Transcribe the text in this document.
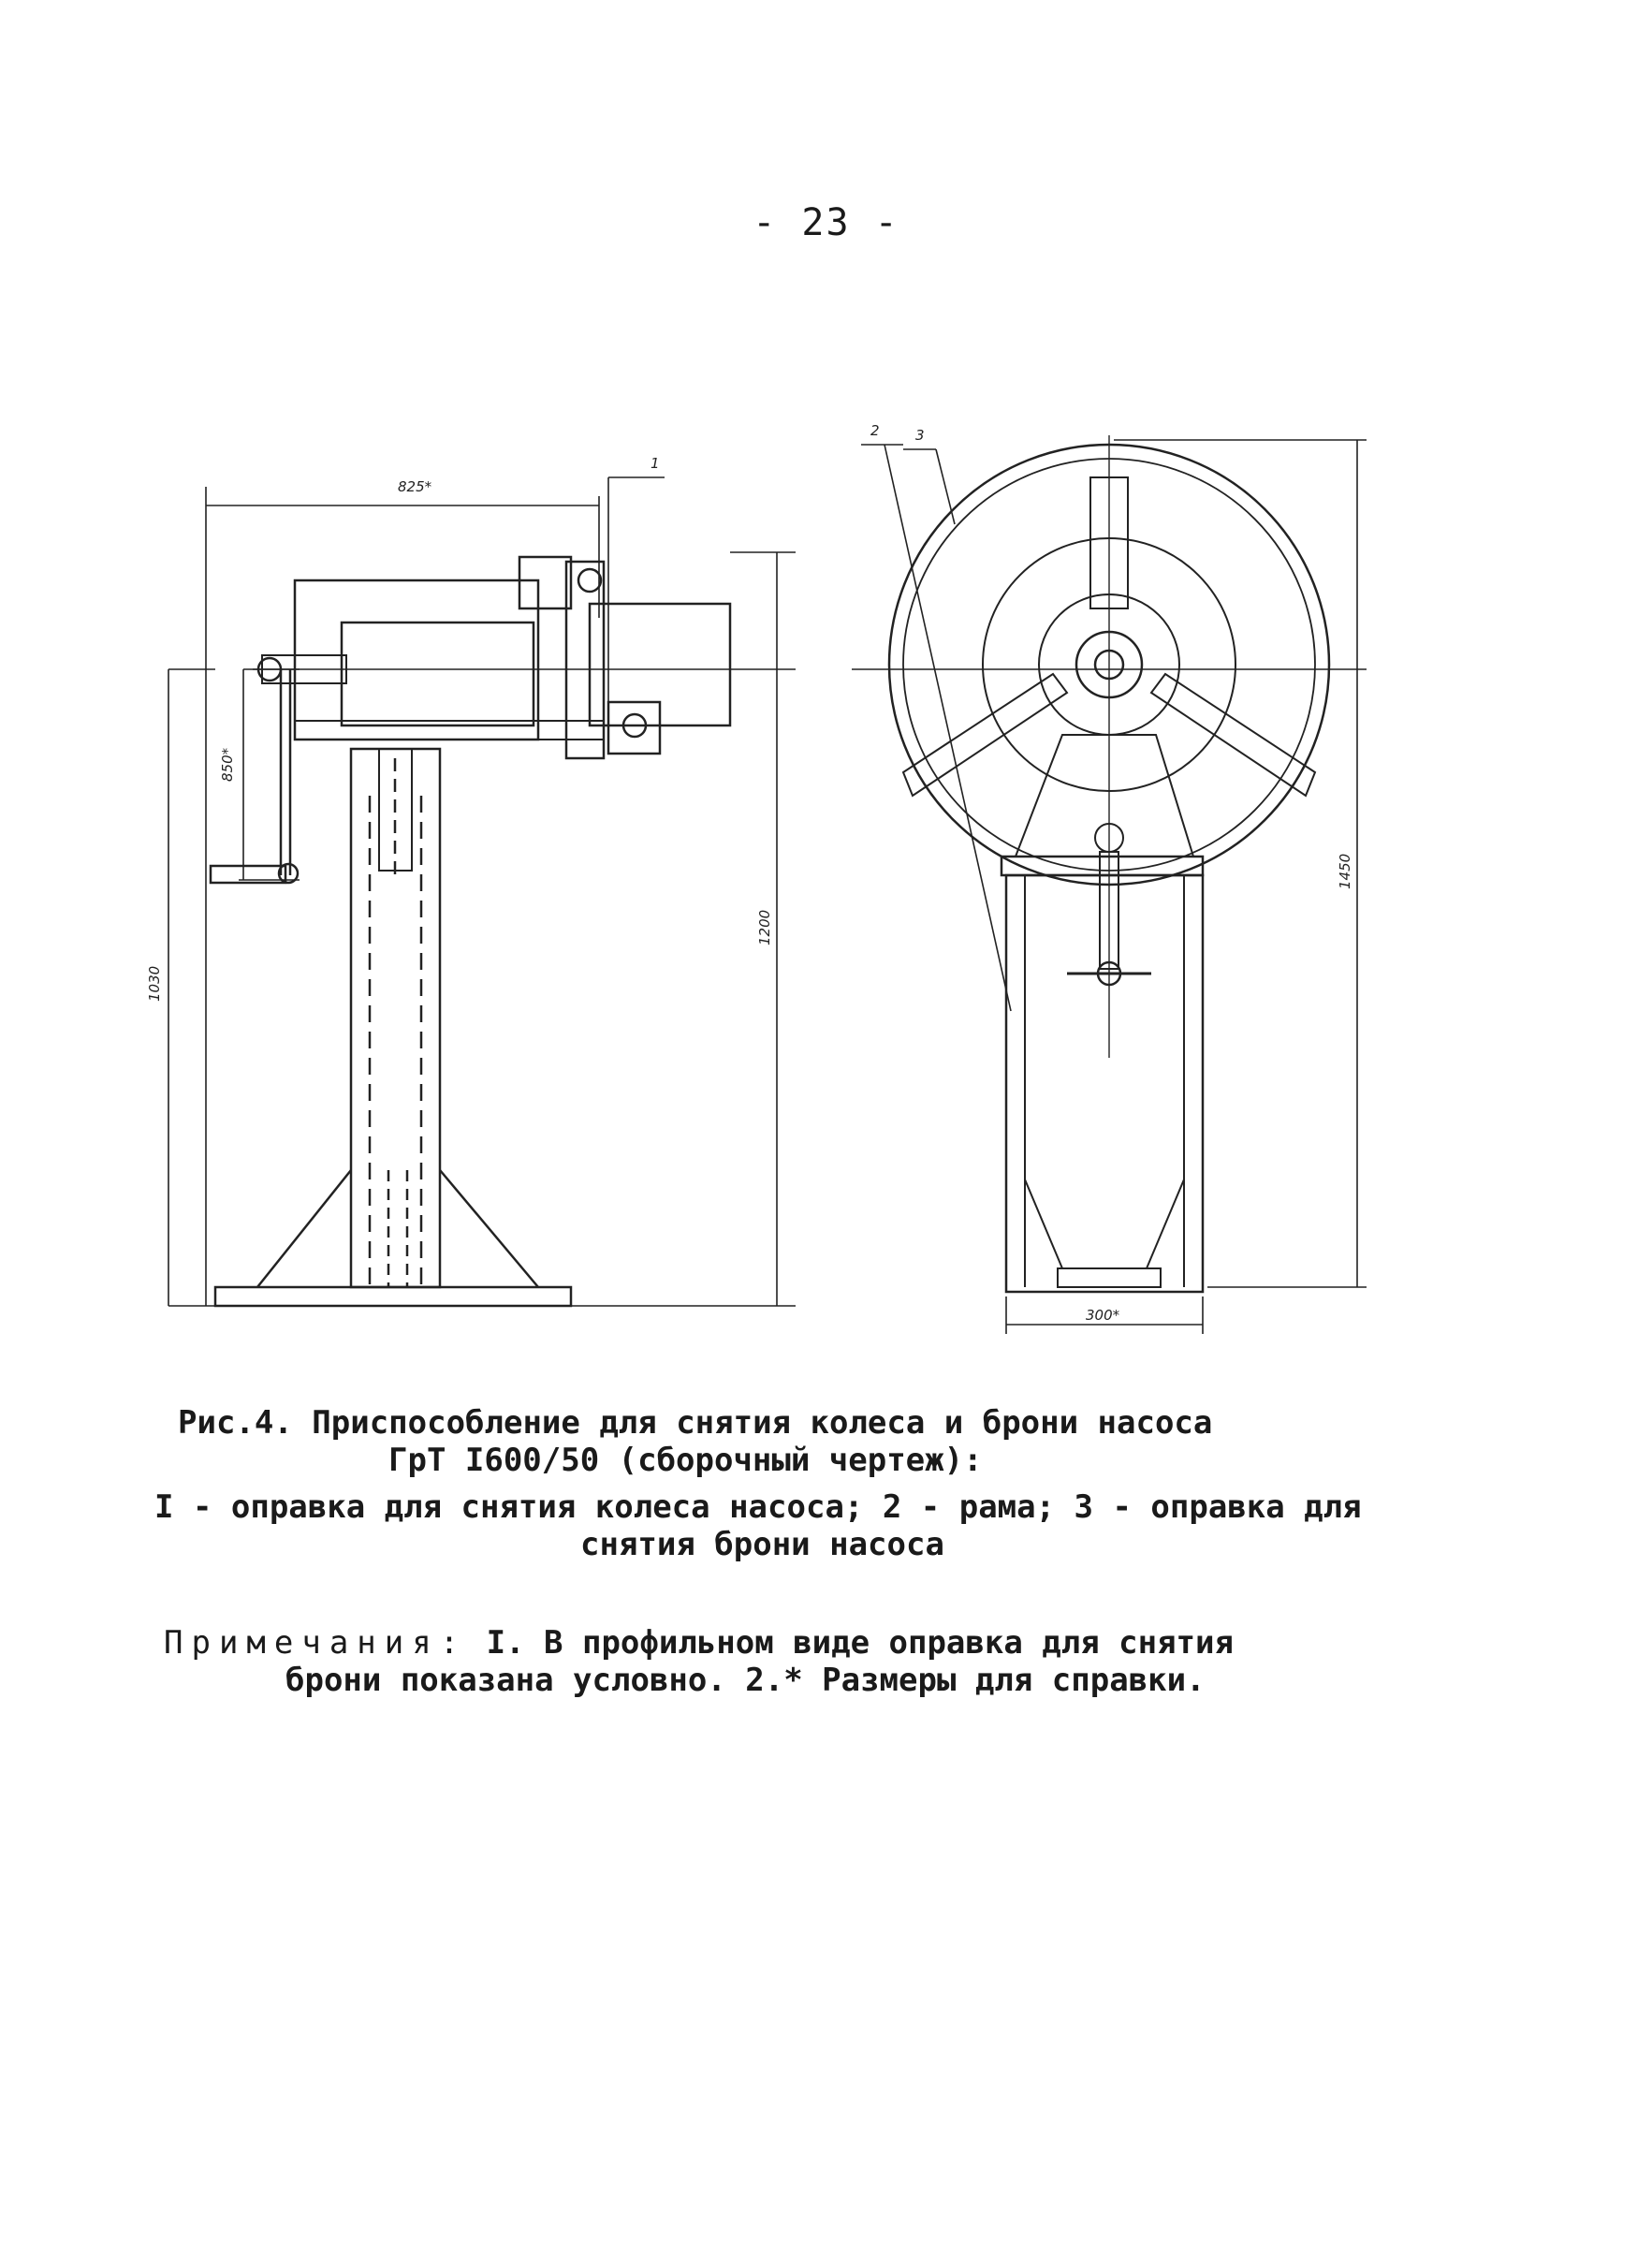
- 23 -
825*
1
850*
1030
1200
2	3
1450
300*
Рис.4. Приспособление для снятия колеса и брони насоса
ГрТ I600/50 (сборочный чертеж):
I - оправка для снятия колеса насоса; 2 - рама; 3 - оправка для
снятия брони насоса
Примечания: I. В профильном виде оправка для снятия
брони показана условно. 2.* Размеры для справки.
